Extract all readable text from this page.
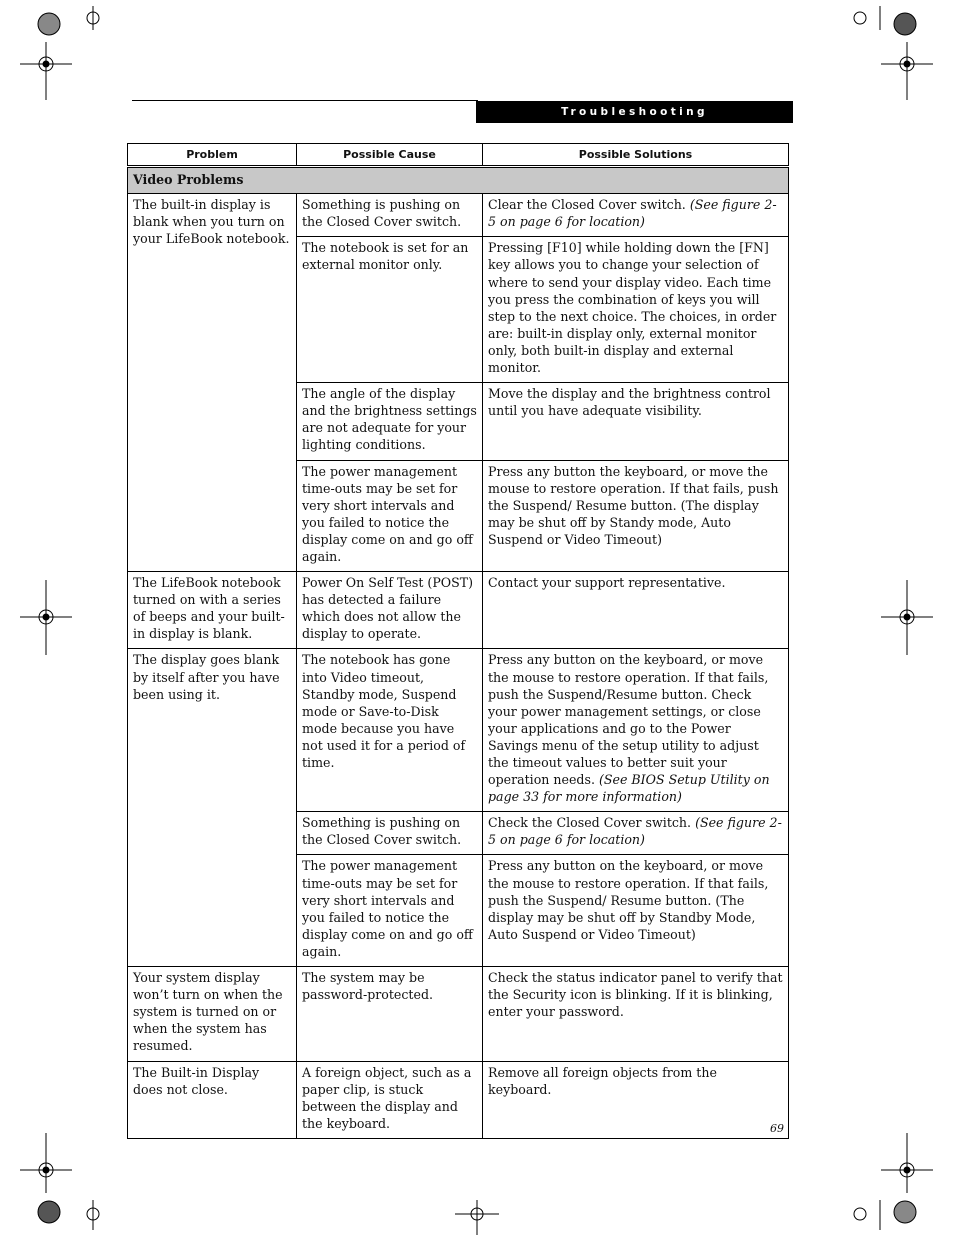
Troubleshooting
Problem	Possible Cause	Possible Solutions

Video Problems		
The built-in display is blank when you turn on your LifeBook notebook.	Something is pushing on the Closed Cover switch.	Clear the Closed Cover switch. (See figure 2-5 on page 6 for location)
	The notebook is set for an external monitor only.	Pressing [F10] while holding down the [FN] key allows you to change your selection of where to send your display video. Each time you press the combination of keys you will step to the next choice. The choices, in order are: built-in display only, external monitor only, both built-in display and external monitor.
	The angle of the display and the brightness settings are not adequate for your lighting conditions.	Move the display and the brightness control until you have adequate visibility.
	The power management time-outs may be set for very short intervals and you failed to notice the display come on and go off again.	Press any button the keyboard, or move the mouse to restore operation. If that fails, push the Suspend/ Resume button. (The display may be shut off by Standy mode, Auto Suspend or Video Timeout)
The LifeBook notebook turned on with a series of beeps and your built-in display is blank.	Power On Self Test (POST) has detected a failure which does not allow the display to operate.	Contact your support representative.
The display goes blank by itself after you have been using it.	The notebook has gone into Video timeout, Standby mode, Suspend mode or Save-to-Disk mode because you have not used it for a period of time.	Press any button on the keyboard, or move the mouse to restore operation. If that fails, push the Suspend/Resume button. Check your power management settings, or close your applications and go to the Power Savings menu of the setup utility to adjust the timeout values to better suit your operation needs. (See BIOS Setup Utility on page 33 for more information)
	Something is pushing on the Closed Cover switch.	Check the Closed Cover switch. (See figure 2-5 on page 6 for location)
	The power management time-outs may be set for very short intervals and you failed to notice the display come on and go off again.	Press any button on the keyboard, or move the mouse to restore operation. If that fails, push the Suspend/ Resume button. (The display may be shut off by Standby Mode, Auto Suspend or Video Timeout)
Your system display won’t turn on when the system is turned on or when the system has resumed.	The system may be password-protected.	Check the status indicator panel to verify that the Security icon is blinking. If it is blinking, enter your password.
The Built-in Display does not close.	A foreign object, such as a paper clip, is stuck between the display and the keyboard.	Remove all foreign objects from the keyboard.
69
